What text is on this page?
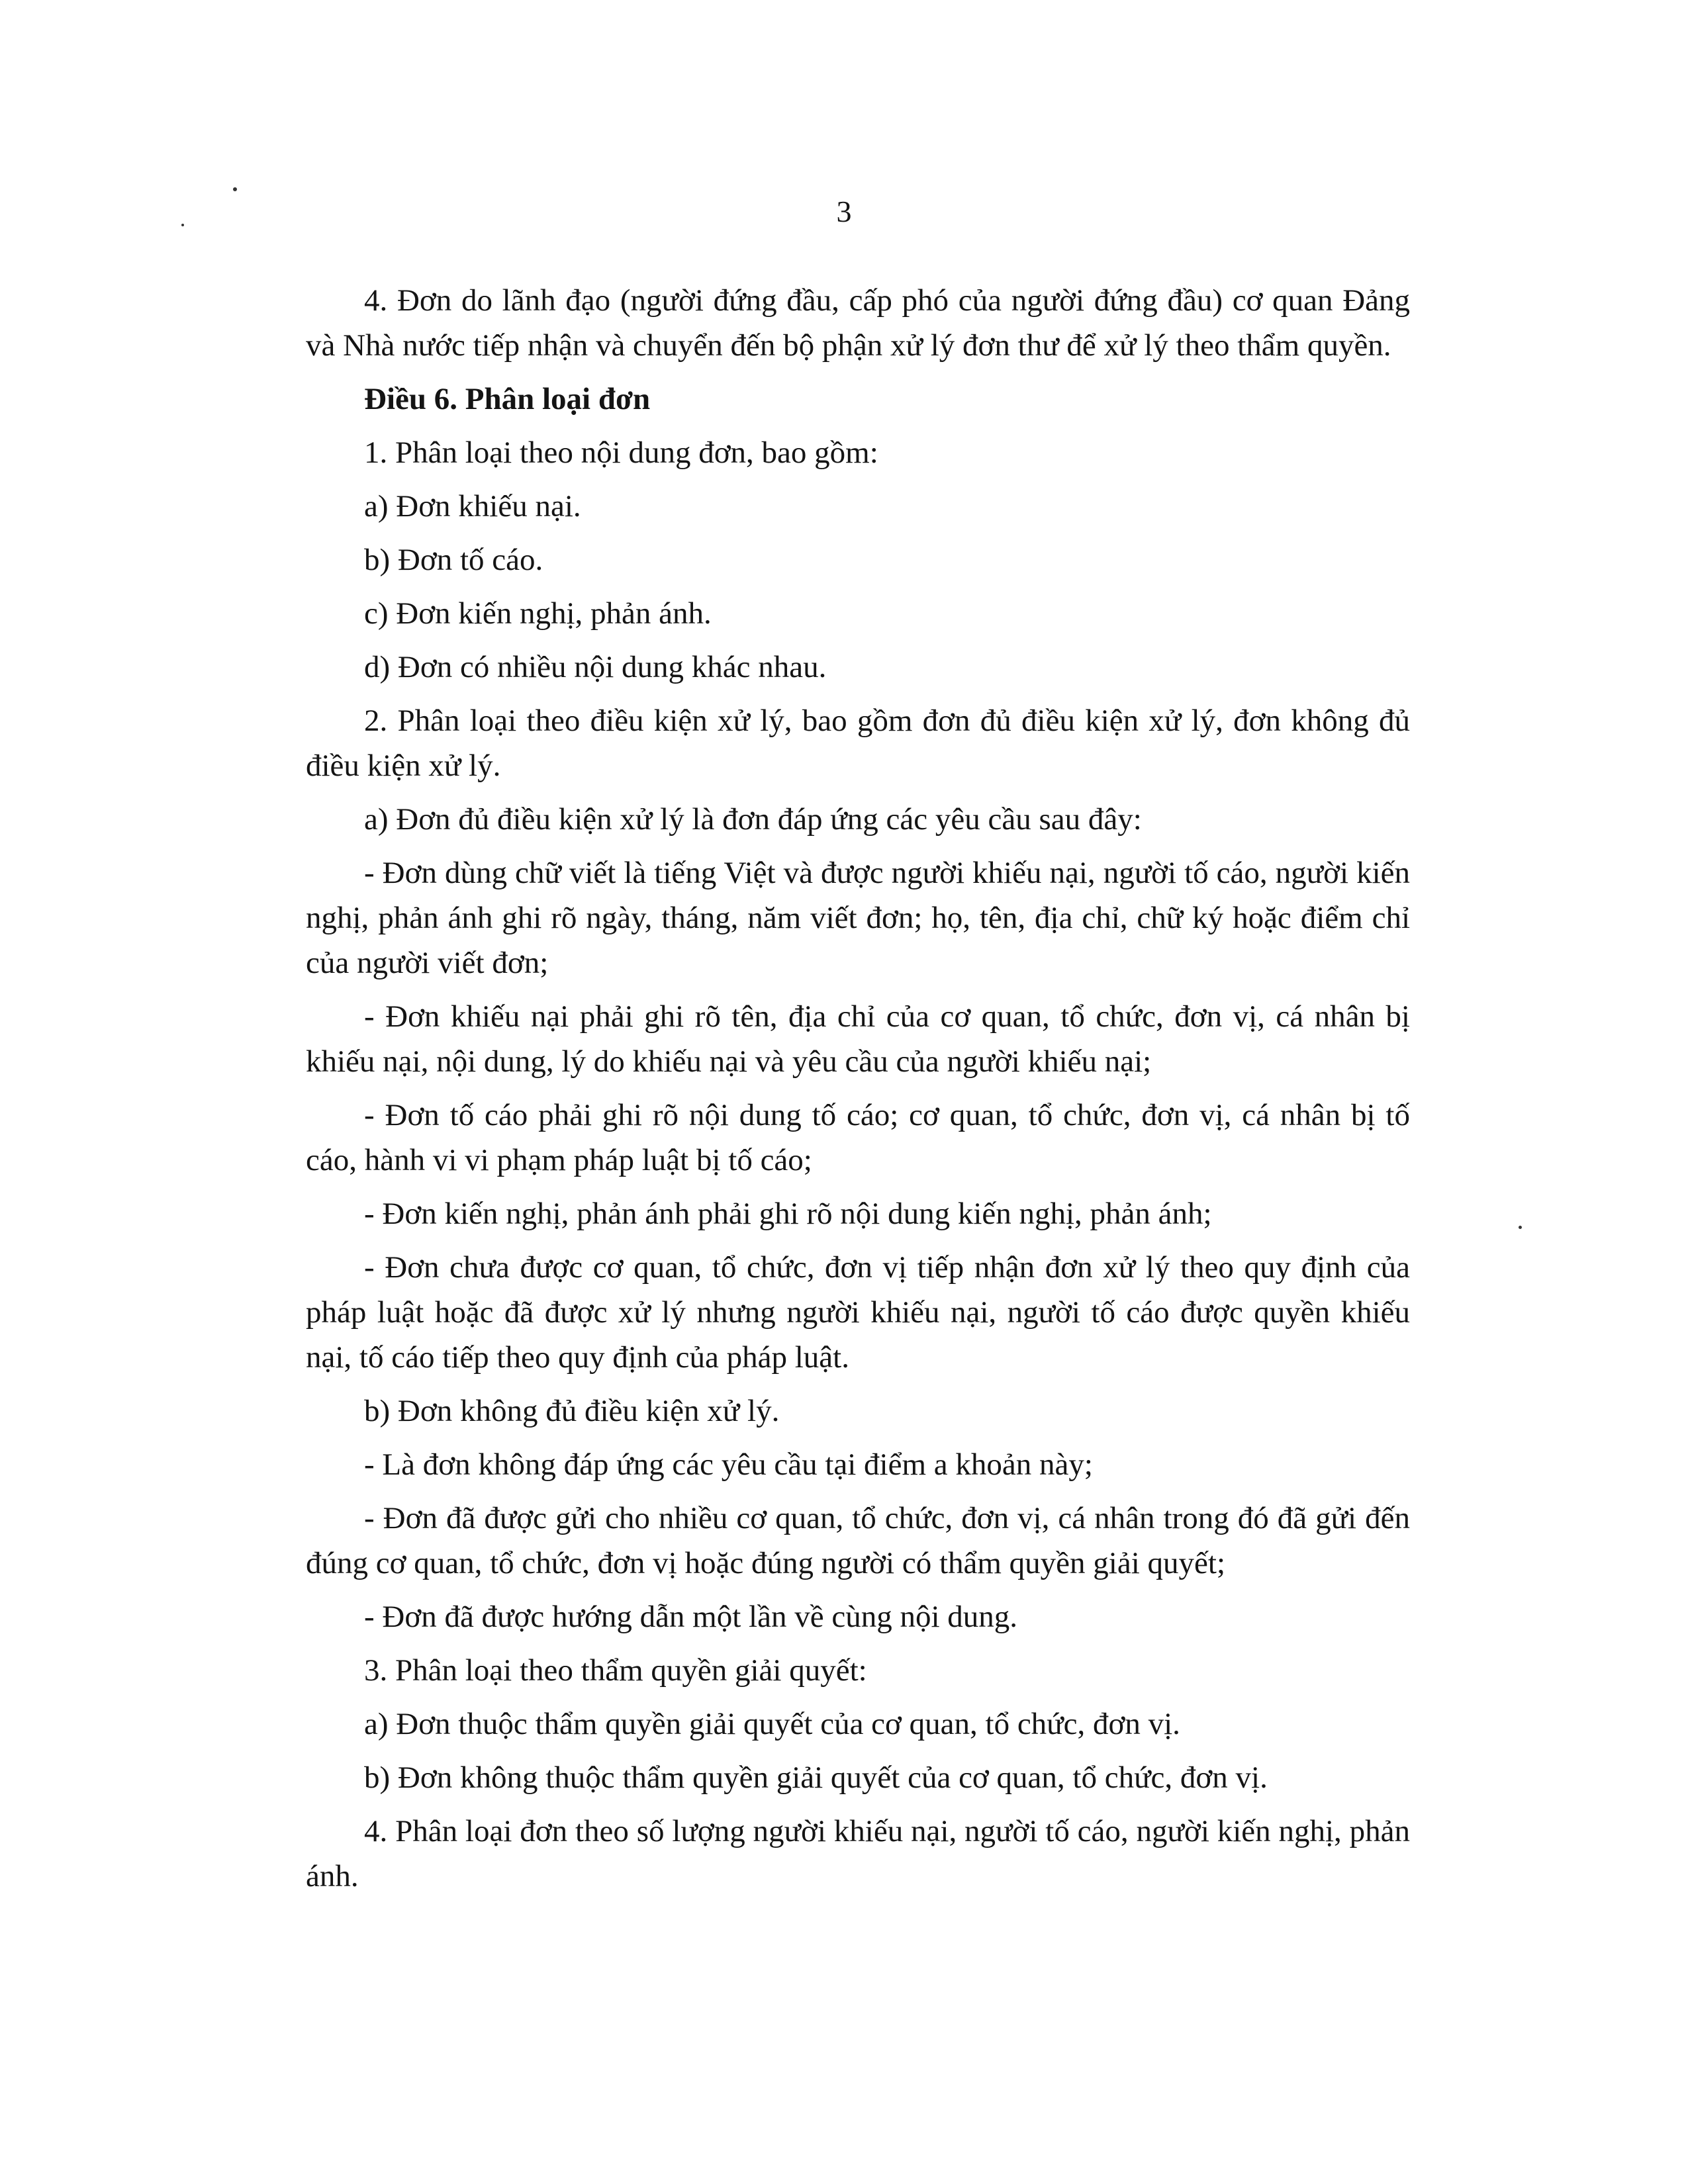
3

4. Đơn do lãnh đạo (người đứng đầu, cấp phó của người đứng đầu) cơ quan Đảng và Nhà nước tiếp nhận và chuyển đến bộ phận xử lý đơn thư để xử lý theo thẩm quyền.

Điều 6. Phân loại đơn

1. Phân loại theo nội dung đơn, bao gồm:

a) Đơn khiếu nại.

b) Đơn tố cáo.

c) Đơn kiến nghị, phản ánh.

d) Đơn có nhiều nội dung khác nhau.

2. Phân loại theo điều kiện xử lý, bao gồm đơn đủ điều kiện xử lý, đơn không đủ điều kiện xử lý.

a) Đơn đủ điều kiện xử lý là đơn đáp ứng các yêu cầu sau đây:

- Đơn dùng chữ viết là tiếng Việt và được người khiếu nại, người tố cáo, người kiến nghị, phản ánh ghi rõ ngày, tháng, năm viết đơn; họ, tên, địa chỉ, chữ ký hoặc điểm chỉ của người viết đơn;

- Đơn khiếu nại phải ghi rõ tên, địa chỉ của cơ quan, tổ chức, đơn vị, cá nhân bị khiếu nại, nội dung, lý do khiếu nại và yêu cầu của người khiếu nại;

- Đơn tố cáo phải ghi rõ nội dung tố cáo; cơ quan, tổ chức, đơn vị, cá nhân bị tố cáo, hành vi vi phạm pháp luật bị tố cáo;

- Đơn kiến nghị, phản ánh phải ghi rõ nội dung kiến nghị, phản ánh;

- Đơn chưa được cơ quan, tổ chức, đơn vị tiếp nhận đơn xử lý theo quy định của pháp luật hoặc đã được xử lý nhưng người khiếu nại, người tố cáo được quyền khiếu nại, tố cáo tiếp theo quy định của pháp luật.

b) Đơn không đủ điều kiện xử lý.

- Là đơn không đáp ứng các yêu cầu tại điểm a khoản này;

- Đơn đã được gửi cho nhiều cơ quan, tổ chức, đơn vị, cá nhân trong đó đã gửi đến đúng cơ quan, tổ chức, đơn vị hoặc đúng người có thẩm quyền giải quyết;

- Đơn đã được hướng dẫn một lần về cùng nội dung.

3. Phân loại theo thẩm quyền giải quyết:

a) Đơn thuộc thẩm quyền giải quyết của cơ quan, tổ chức, đơn vị.

b) Đơn không thuộc thẩm quyền giải quyết của cơ quan, tổ chức, đơn vị.

4. Phân loại đơn theo số lượng người khiếu nại, người tố cáo, người kiến nghị, phản ánh.
